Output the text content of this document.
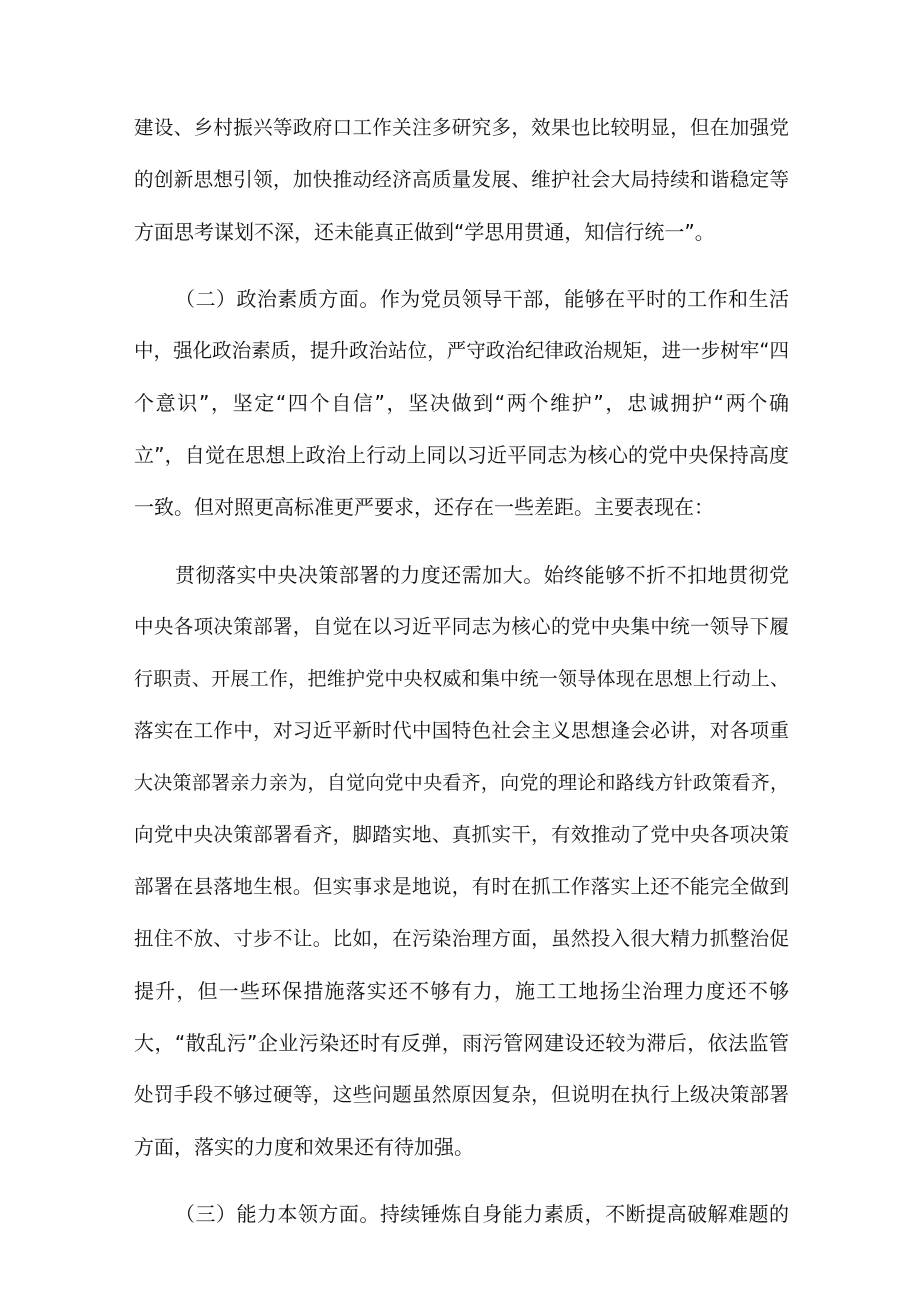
建设、乡村振兴等政府口工作关注多研究多，效果也比较明显，但在加强党

的创新思想引领，加快推动经济高质量发展、维护社会大局持续和谐稳定等

方面思考谋划不深，还未能真正做到“学思用贯通，知信行统一”。

（二）政治素质方面。作为党员领导干部，能够在平时的工作和生活

中，强化政治素质，提升政治站位，严守政治纪律政治规矩，进一步树牢“四

个意识”，坚定“四个自信”，坚决做到“两个维护”，忠诚拥护“两个确

立”，自觉在思想上政治上行动上同以习近平同志为核心的党中央保持高度

一致。但对照更高标准更严要求，还存在一些差距。主要表现在：

贯彻落实中央决策部署的力度还需加大。始终能够不折不扣地贯彻党

中央各项决策部署，自觉在以习近平同志为核心的党中央集中统一领导下履

行职责、开展工作，把维护党中央权威和集中统一领导体现在思想上行动上、

落实在工作中，对习近平新时代中国特色社会主义思想逢会必讲，对各项重

大决策部署亲力亲为，自觉向党中央看齐，向党的理论和路线方针政策看齐，

向党中央决策部署看齐，脚踏实地、真抓实干，有效推动了党中央各项决策

部署在县落地生根。但实事求是地说，有时在抓工作落实上还不能完全做到

扭住不放、寸步不让。比如，在污染治理方面，虽然投入很大精力抓整治促

提升，但一些环保措施落实还不够有力，施工工地扬尘治理力度还不够

大，“散乱污”企业污染还时有反弹，雨污管网建设还较为滞后，依法监管

处罚手段不够过硬等，这些问题虽然原因复杂，但说明在执行上级决策部署

方面，落实的力度和效果还有待加强。

（三）能力本领方面。持续锤炼自身能力素质，不断提高破解难题的
